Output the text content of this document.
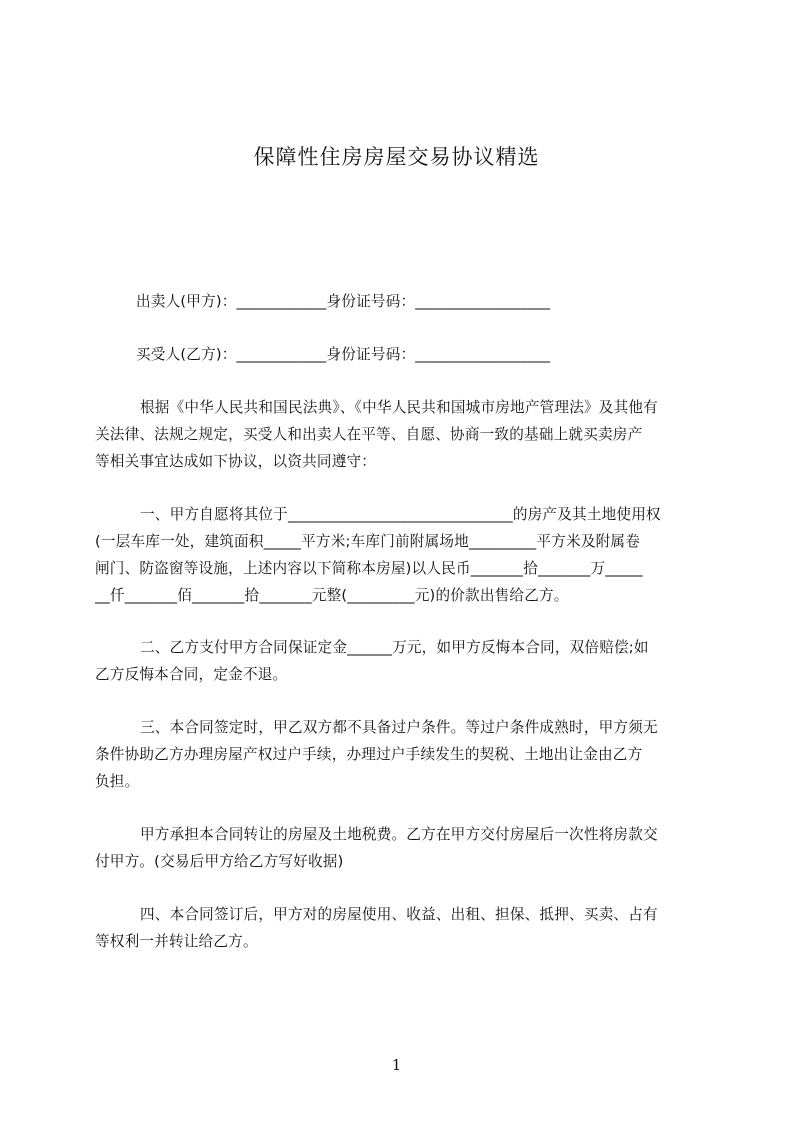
保障性住房房屋交易协议精选
出卖人(甲方)：____________身份证号码：__________________
买受人(乙方)：____________身份证号码：__________________
根据《中华人民共和国民法典》、《中华人民共和国城市房地产管理法》及其他有
关法律、法规之规定，买受人和出卖人在平等、自愿、协商一致的基础上就买卖房产
等相关事宜达成如下协议，以资共同遵守：
一、甲方自愿将其位于______________________________的房产及其土地使用权
(一层车库一处，建筑面积_____平方米;车库门前附属场地_________平方米及附属卷
闸门、防盗窗等设施，上述内容以下简称本房屋)以人民币_______拾_______万_____
__仟_______佰_______拾_______元整(_________元)的价款出售给乙方。
二、乙方支付甲方合同保证定金______万元，如甲方反悔本合同，双倍赔偿;如
乙方反悔本合同，定金不退。
三、本合同签定时，甲乙双方都不具备过户条件。等过户条件成熟时，甲方须无
条件协助乙方办理房屋产权过户手续，办理过户手续发生的契税、土地出让金由乙方
负担。
甲方承担本合同转让的房屋及土地税费。乙方在甲方交付房屋后一次性将房款交
付甲方。(交易后甲方给乙方写好收据)
四、本合同签订后，甲方对的房屋使用、收益、出租、担保、抵押、买卖、占有
等权利一并转让给乙方。
1
